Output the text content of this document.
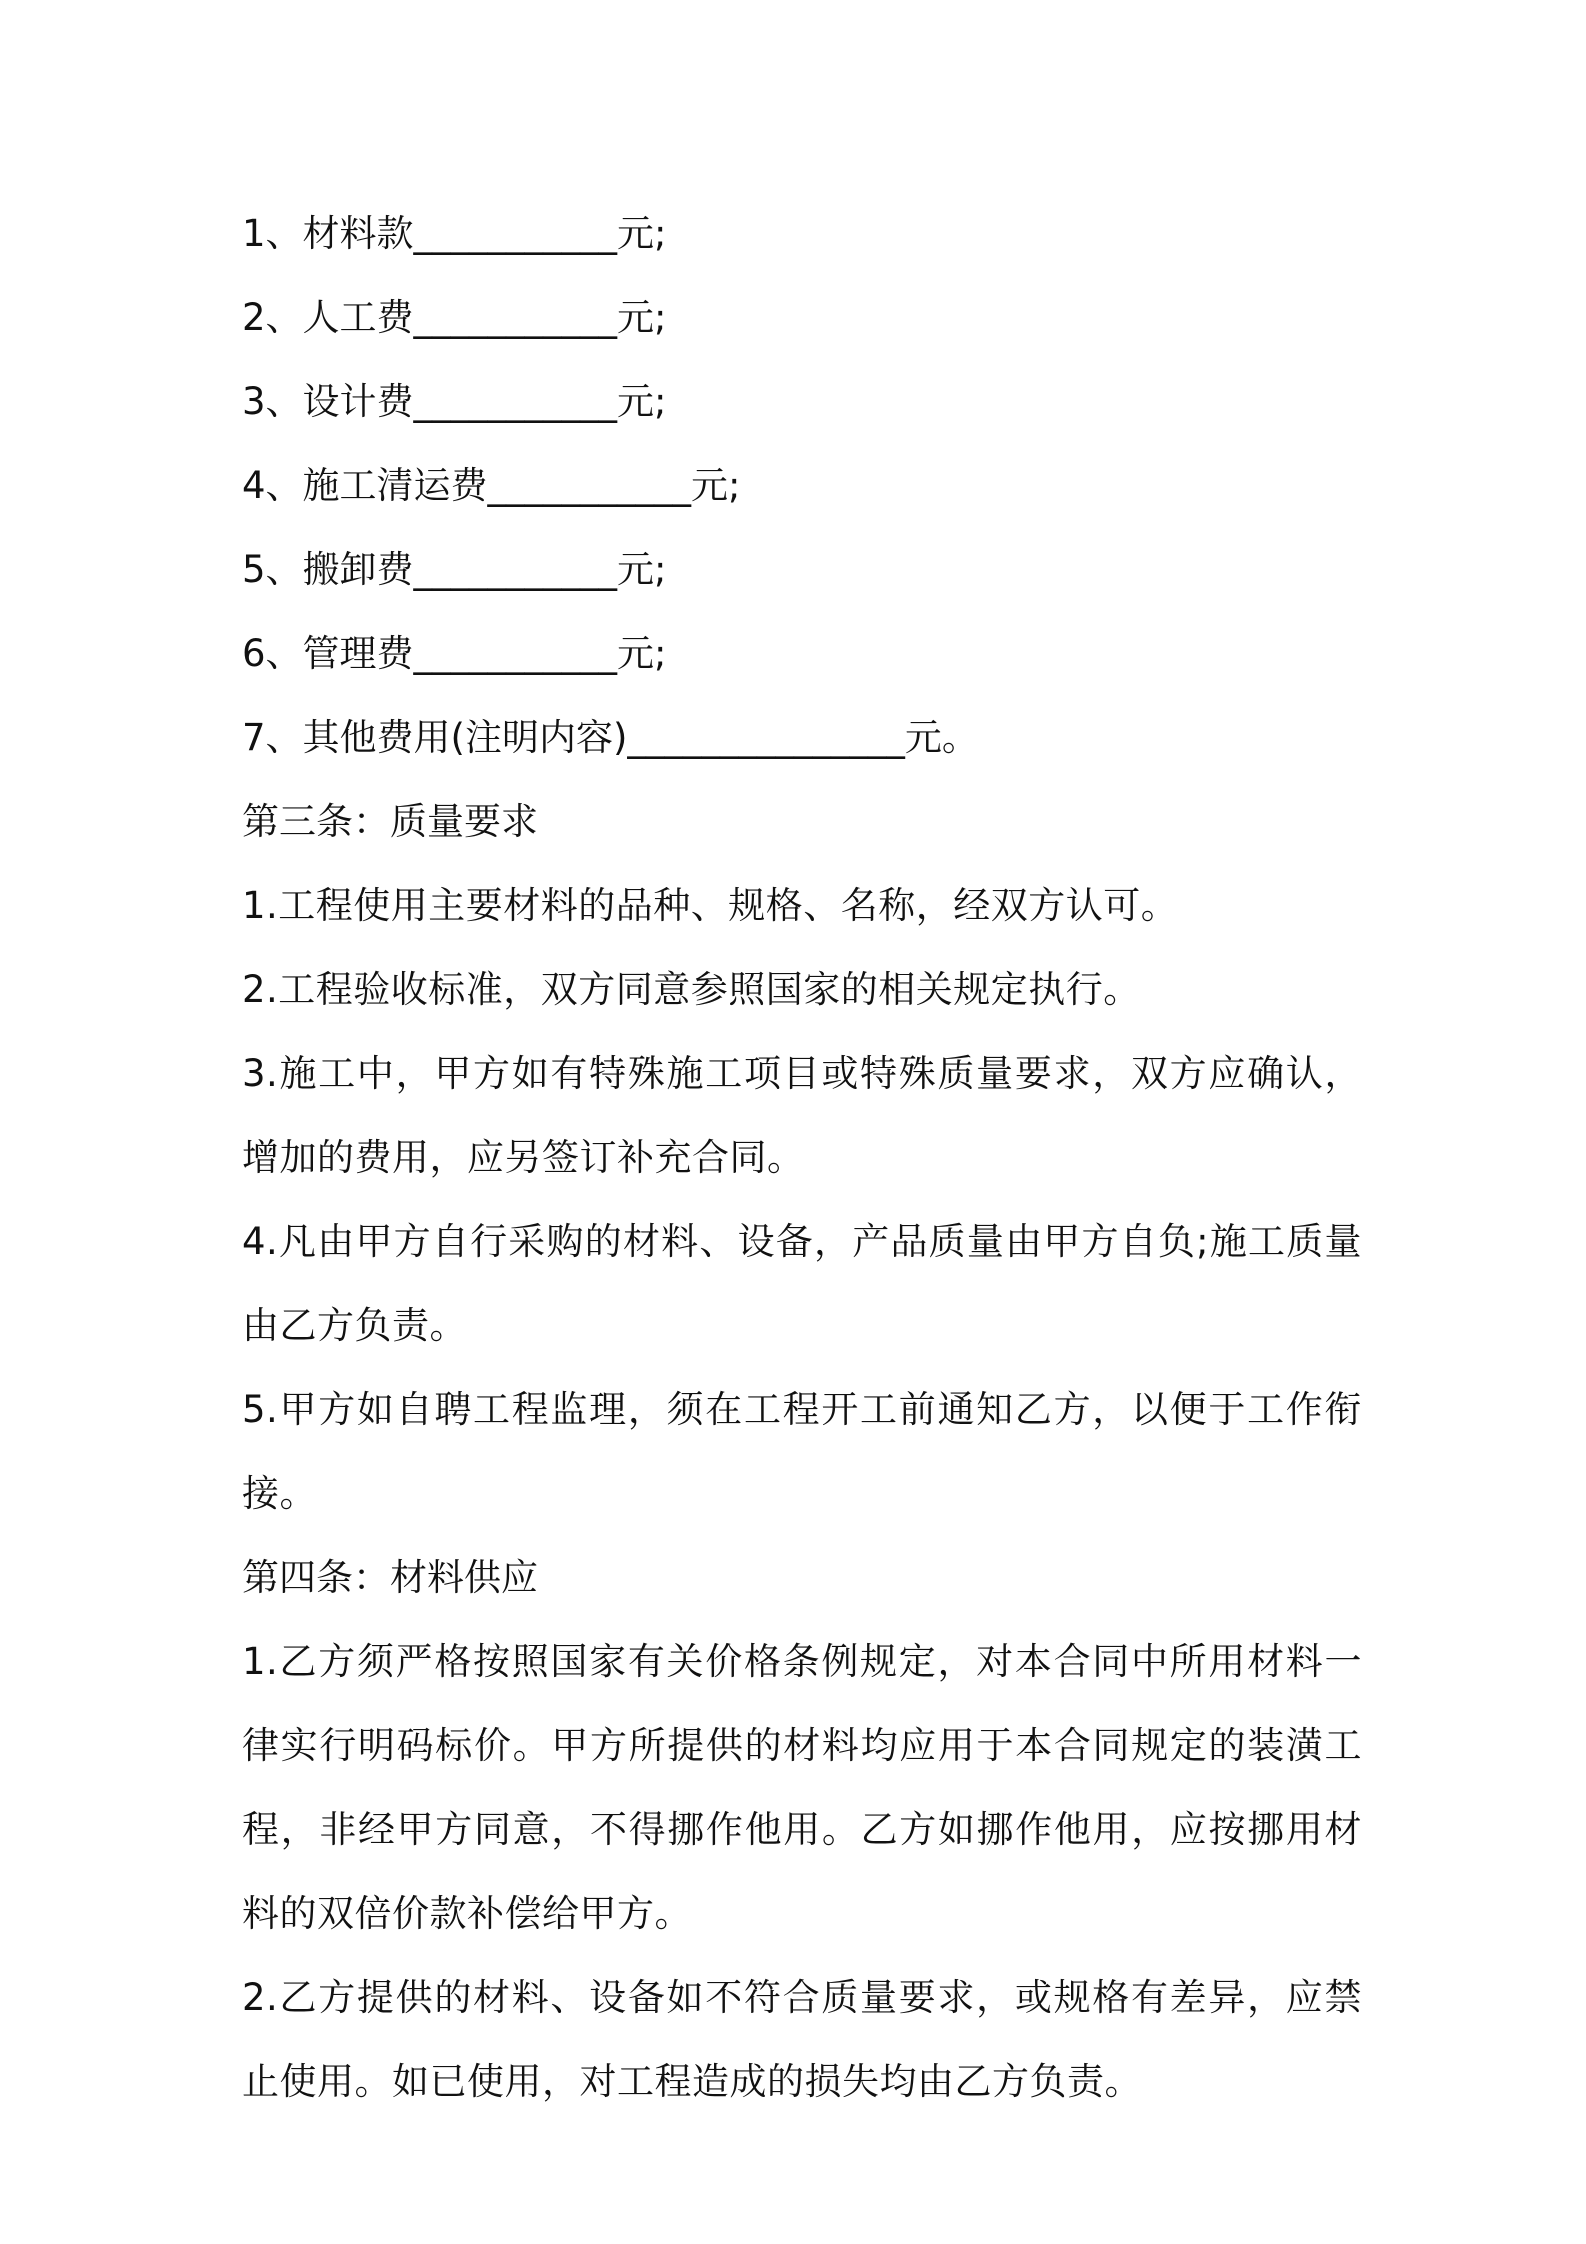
1、材料款___________元;

2、人工费___________元;

3、设计费___________元;

4、施工清运费___________元;

5、搬卸费___________元;

6、管理费___________元;

7、其他费用(注明内容)_______________元。

第三条：质量要求

1.工程使用主要材料的品种、规格、名称，经双方认可。

2.工程验收标准，双方同意参照国家的相关规定执行。

3.施工中，甲方如有特殊施工项目或特殊质量要求，双方应确认，增加的费用，应另签订补充合同。

4.凡由甲方自行采购的材料、设备，产品质量由甲方自负;施工质量由乙方负责。

5.甲方如自聘工程监理，须在工程开工前通知乙方，以便于工作衔接。

第四条：材料供应

1.乙方须严格按照国家有关价格条例规定，对本合同中所用材料一律实行明码标价。甲方所提供的材料均应用于本合同规定的装潢工程，非经甲方同意，不得挪作他用。乙方如挪作他用，应按挪用材料的双倍价款补偿给甲方。

2.乙方提供的材料、设备如不符合质量要求，或规格有差异，应禁止使用。如已使用，对工程造成的损失均由乙方负责。
